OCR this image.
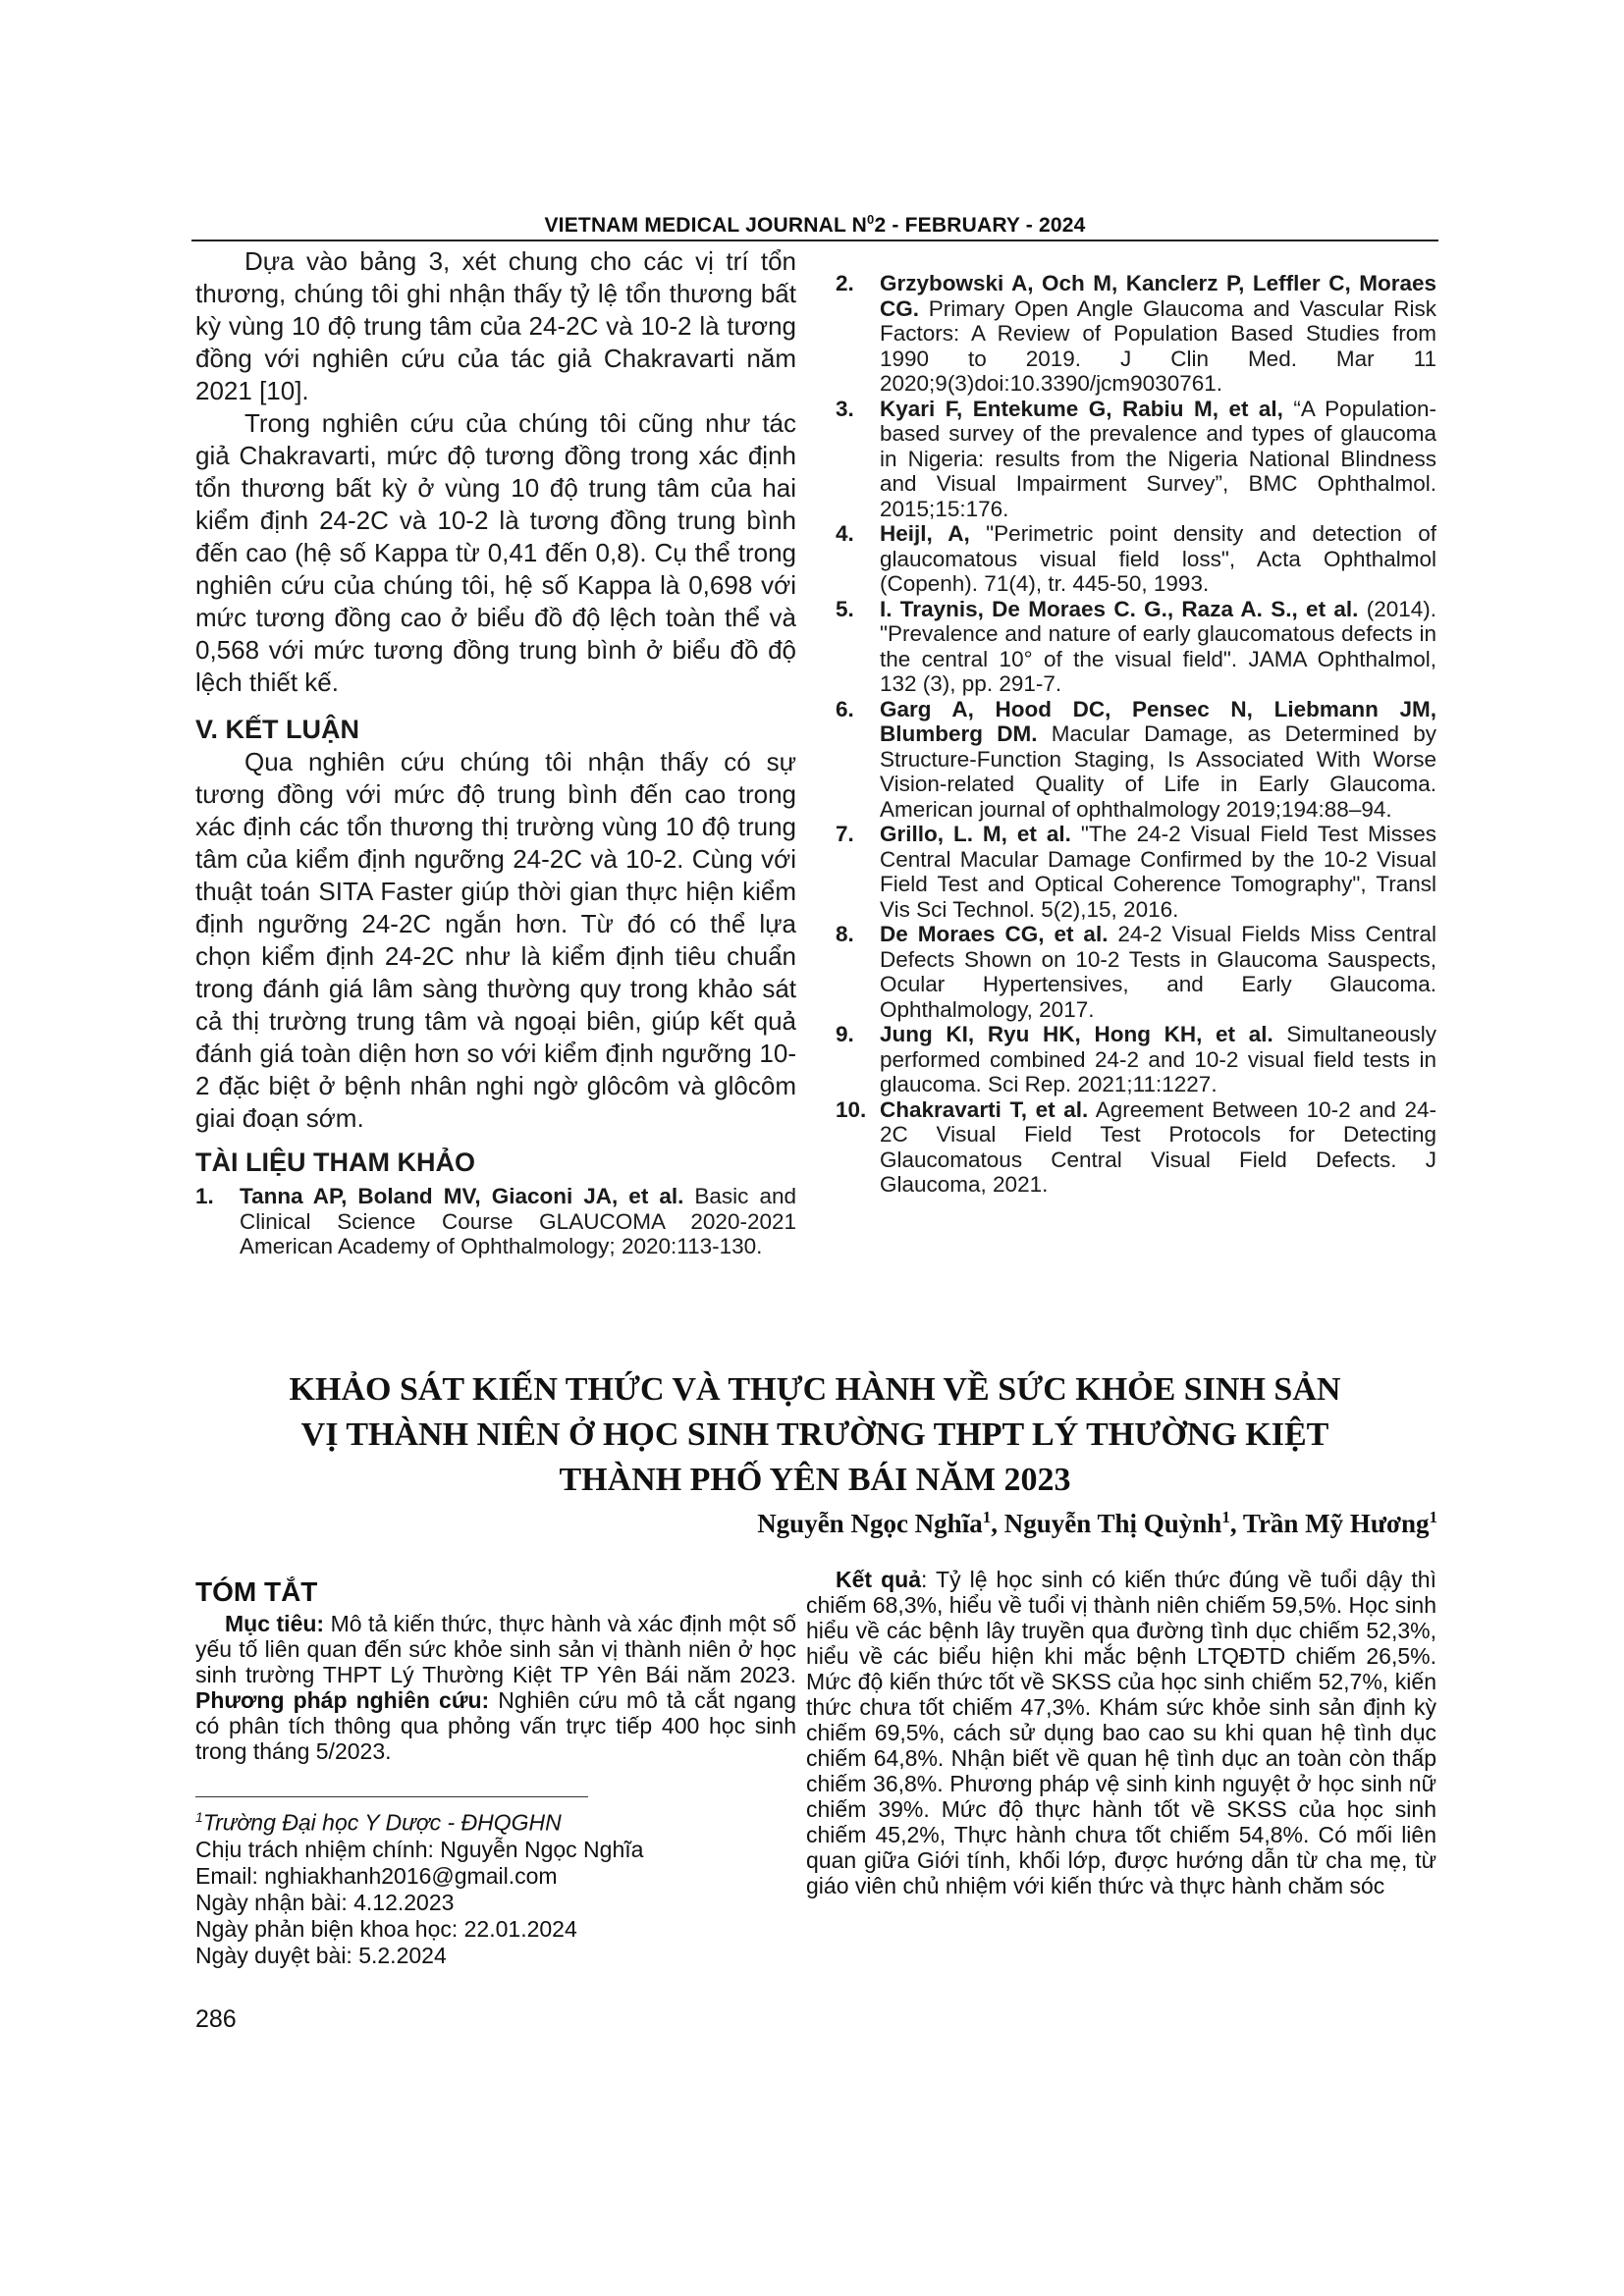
VIETNAM MEDICAL JOURNAL $N^02$ - FEBRUARY - 2024

Dựa vào bảng 3, xét chung cho các vị trí tổn thương, chúng tôi ghi nhận thấy tỷ lệ tổn thương bất kỳ vùng 10 độ trung tâm của 24-2C và 10-2 là tương đồng với nghiên cứu của tác giả Chakravarti năm 2021 [10].

Trong nghiên cứu của chúng tôi cũng như tác giả Chakravarti, mức độ tương đồng trong xác định tổn thương bất kỳ ở vùng 10 độ trung tâm của hai kiểm định 24-2C và 10-2 là tương đồng trung bình đến cao (hệ số Kappa từ 0,41 đến 0,8). Cụ thể trong nghiên cứu của chúng tôi, hệ số Kappa là 0,698 với mức tương đồng cao ở biểu đồ độ lệch toàn thể và 0,568 với mức tương đồng trung bình ở biểu đồ độ lệch thiết kế.

V. KẾT LUẬN

Qua nghiên cứu chúng tôi nhận thấy có sự tương đồng với mức độ trung bình đến cao trong xác định các tổn thương thị trường vùng 10 độ trung tâm của kiểm định ngưỡng 24-2C và 10-2. Cùng với thuật toán SITA Faster giúp thời gian thực hiện kiểm định ngưỡng 24-2C ngắn hơn. Từ đó có thể lựa chọn kiểm định 24-2C như là kiểm định tiêu chuẩn trong đánh giá lâm sàng thường quy trong khảo sát cả thị trường trung tâm và ngoại biên, giúp kết quả đánh giá toàn diện hơn so với kiểm định ngưỡng 10-2 đặc biệt ở bệnh nhân nghi ngờ glôcôm và glôcôm giai đoạn sớm.

TÀI LIỆU THAM KHẢO
1.	Tanna AP, Boland MV, Giaconi JA, et al. Basic and Clinical Science Course GLAUCOMA 2020-2021 American Academy of Ophthalmology; 2020:113-130.
2.	Grzybowski A, Och M, Kanclerz P, Leffler C, Moraes CG. Primary Open Angle Glaucoma and Vascular Risk Factors: A Review of Population Based Studies from 1990 to 2019. J Clin Med. Mar 11 2020;9(3)doi:10.3390/jcm9030761.
3.	Kyari F, Entekume G, Rabiu M, et al, “A Population-based survey of the prevalence and types of glaucoma in Nigeria: results from the Nigeria National Blindness and Visual Impairment Survey”, BMC Ophthalmol. 2015;15:176.
4.	Heijl, A, "Perimetric point density and detection of glaucomatous visual field loss", Acta Ophthalmol (Copenh). 71(4), tr. 445-50, 1993.
5.	I. Traynis, De Moraes C. G., Raza A. S., et al. (2014). "Prevalence and nature of early glaucomatous defects in the central 10° of the visual field". JAMA Ophthalmol, 132 (3), pp. 291-7.
6.	Garg A, Hood DC, Pensec N, Liebmann JM, Blumberg DM. Macular Damage, as Determined by Structure-Function Staging, Is Associated With Worse Vision-related Quality of Life in Early Glaucoma. American journal of ophthalmology 2019;194:88–94.
7.	Grillo, L. M, et al. "The 24-2 Visual Field Test Misses Central Macular Damage Confirmed by the 10-2 Visual Field Test and Optical Coherence Tomography", Transl Vis Sci Technol. 5(2),15, 2016.
8.	De Moraes CG, et al. 24-2 Visual Fields Miss Central Defects Shown on 10-2 Tests in Glaucoma Sauspects, Ocular Hypertensives, and Early Glaucoma. Ophthalmology, 2017.
9.	Jung KI, Ryu HK, Hong KH, et al. Simultaneously performed combined 24-2 and 10-2 visual field tests in glaucoma. Sci Rep. 2021;11:1227.
10. Chakravarti T, et al. Agreement Between 10-2 and 24-2C Visual Field Test Protocols for Detecting Glaucomatous Central Visual Field Defects. J Glaucoma, 2021.
KHẢO SÁT KIẾN THỨC VÀ THỰC HÀNH VỀ SỨC KHỎE SINH SẢN
VỊ THÀNH NIÊN Ở HỌC SINH TRƯỜNG THPT LÝ THƯỜNG KIỆT
THÀNH PHỐ YÊN BÁI NĂM 2023
Nguyễn Ngọc Nghĩa$^1$, Nguyễn Thị Quỳnh$^1$, Trần Mỹ Hương$^1$
TÓM TẮT

Mục tiêu: Mô tả kiến thức, thực hành và xác định một số yếu tố liên quan đến sức khỏe sinh sản vị thành niên ở học sinh trường THPT Lý Thường Kiệt TP Yên Bái năm 2023. Phương pháp nghiên cứu: Nghiên cứu mô tả cắt ngang có phân tích thông qua phỏng vấn trực tiếp 400 học sinh trong tháng 5/2023.

Kết quả: Tỷ lệ học sinh có kiến thức đúng về tuổi dậy thì chiếm 68,3%, hiểu về tuổi vị thành niên chiếm 59,5%. Học sinh hiểu về các bệnh lây truyền qua đường tình dục chiếm 52,3%, hiểu về các biểu hiện khi mắc bệnh LTQĐTD chiếm 26,5%. Mức độ kiến thức tốt về SKSS của học sinh chiếm 52,7%, kiến thức chưa tốt chiếm 47,3%. Khám sức khỏe sinh sản định kỳ chiếm 69,5%, cách sử dụng bao cao su khi quan hệ tình dục chiếm 64,8%. Nhận biết về quan hệ tình dục an toàn còn thấp chiếm 36,8%. Phương pháp vệ sinh kinh nguyệt ở học sinh nữ chiếm 39%. Mức độ thực hành tốt về SKSS của học sinh chiếm 45,2%, Thực hành chưa tốt chiếm 54,8%. Có mối liên quan giữa Giới tính, khối lớp, được hướng dẫn từ cha mẹ, từ giáo viên chủ nhiệm với kiến thức và thực hành chăm sóc

$^1$Trường Đại học Y Dược - ĐHQGHN
Chịu trách nhiệm chính: Nguyễn Ngọc Nghĩa
Email: nghiakhanh2016@gmail.com
Ngày nhận bài: 4.12.2023
Ngày phản biện khoa học: 22.01.2024
Ngày duyệt bài: 5.2.2024
286
